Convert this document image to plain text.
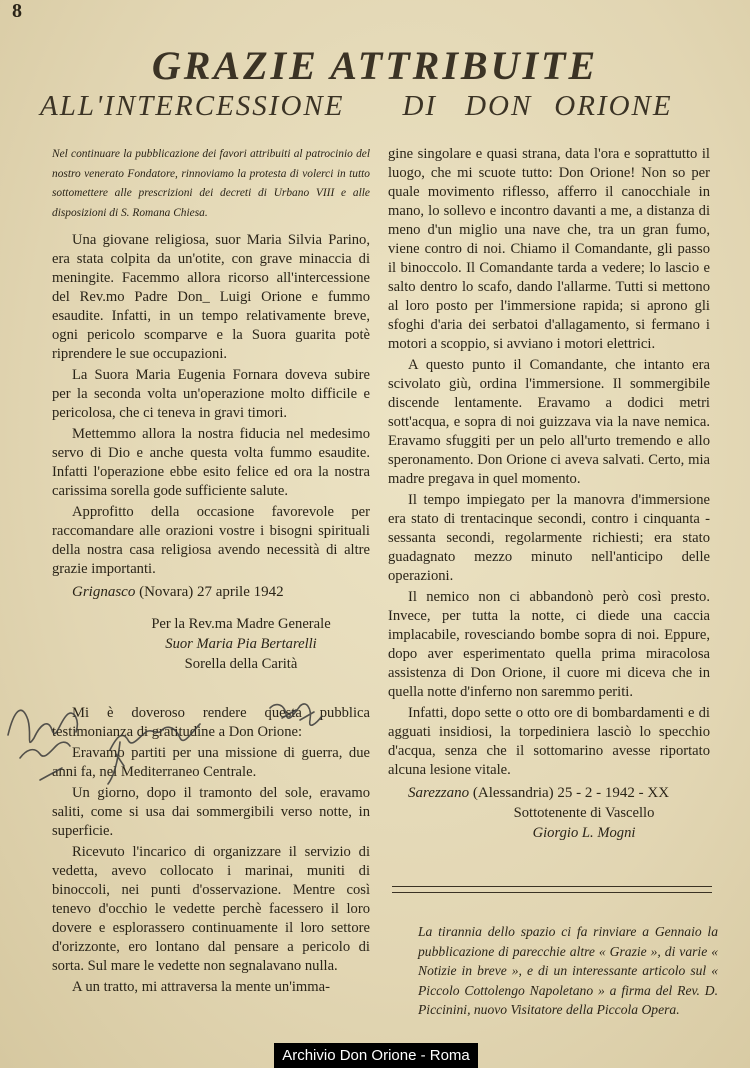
8
GRAZIE ATTRIBUITE
ALL'INTERCESSIONE DI DON ORIONE

Nel continuare la pubblicazione dei favori attribuiti al patrocinio del nostro venerato Fondatore, rinnoviamo la protesta di volerci in tutto sottomettere alle prescrizioni dei decreti di Urbano VIII e alle disposizioni di S. Romana Chiesa.

Una giovane religiosa, suor Maria Silvia Parino, era stata colpita da un'otite, con grave minaccia di meningite. Facemmo allora ricorso all'intercessione del Rev.mo Padre Don_ Luigi Orione e fummo esaudite. Infatti, in un tempo relativamente breve, ogni pericolo scomparve e la Suora guarita potè riprendere le sue occupazioni.

La Suora Maria Eugenia Fornara doveva subire per la seconda volta un'operazione molto difficile e pericolosa, che ci teneva in gravi timori.

Mettemmo allora la nostra fiducia nel medesimo servo di Dio e anche questa volta fummo esaudite. Infatti l'operazione ebbe esito felice ed ora la nostra carissima sorella gode sufficiente salute.

Approfitto della occasione favorevole per raccomandare alle orazioni vostre i bisogni spirituali della nostra casa religiosa avendo necessità di altre grazie importanti.

Grignasco (Novara) 27 aprile 1942

Per la Rev.ma Madre Generale

Suor Maria Pia Bertarelli

Sorella della Carità

Mi è doveroso rendere questa pubblica testimonianza di gratitudine a Don Orione:

Eravamo partiti per una missione di guerra, due anni fa, nel Mediterraneo Centrale.

Un giorno, dopo il tramonto del sole, eravamo saliti, come si usa dai sommergibili verso notte, in superficie.

Ricevuto l'incarico di organizzare il servizio di vedetta, avevo collocato i marinai, muniti di binoccoli, nei punti d'osservazione. Mentre così tenevo d'occhio le vedette perchè facessero il loro dovere e esplorassero continuamente il loro settore d'orizzonte, ero lontano dal pensare a pericolo di sorta. Sul mare le vedette non segnalavano nulla.

A un tratto, mi attraversa la mente un'imma-

gine singolare e quasi strana, data l'ora e soprattutto il luogo, che mi scuote tutto: Don Orione! Non so per quale movimento riflesso, afferro il canocchiale in mano, lo sollevo e incontro davanti a me, a distanza di meno d'un miglio una nave che, tra un gran fumo, viene contro di noi. Chiamo il Comandante, gli passo il binoccolo. Il Comandante tarda a vedere; lo lascio e salto dentro lo scafo, dando l'allarme. Tutti si mettono al loro posto per l'immersione rapida; si aprono gli sfoghi d'aria dei serbatoi d'allagamento, si fermano i motori a scoppio, si avviano i motori elettrici.

A questo punto il Comandante, che intanto era scivolato giù, ordina l'immersione. Il sommergibile discende lentamente. Eravamo a dodici metri sott'acqua, e sopra di noi guizzava via la nave nemica. Eravamo sfuggiti per un pelo all'urto tremendo e allo speronamento. Don Orione ci aveva salvati. Certo, mia madre pregava in quel momento.

Il tempo impiegato per la manovra d'immersione era stato di trentacinque secondi, contro i cinquanta - sessanta secondi, regolarmente richiesti; era stato guadagnato mezzo minuto nell'anticipo delle operazioni.

Il nemico non ci abbandonò però così presto. Invece, per tutta la notte, ci diede una caccia implacabile, rovesciando bombe sopra di noi. Eppure, dopo aver esperimentato quella prima miracolosa assistenza di Don Orione, il cuore mi diceva che in quella notte d'inferno non saremmo periti.

Infatti, dopo sette o otto ore di bombardamenti e di agguati insidiosi, la torpediniera lasciò lo specchio d'acqua, senza che il sottomarino avesse riportato alcuna lesione vitale.

Sarezzano (Alessandria) 25 - 2 - 1942 - XX

Sottotenente di Vascello

Giorgio L. Mogni

La tirannia dello spazio ci fa rinviare a Gennaio la pubblicazione di parecchie altre « Grazie », di varie « Notizie in breve », e di un interessante articolo sul « Piccolo Cottolengo Napoletano » a firma del Rev. D. Piccinini, nuovo Visitatore della Piccola Opera.

Archivio Don Orione - Roma
